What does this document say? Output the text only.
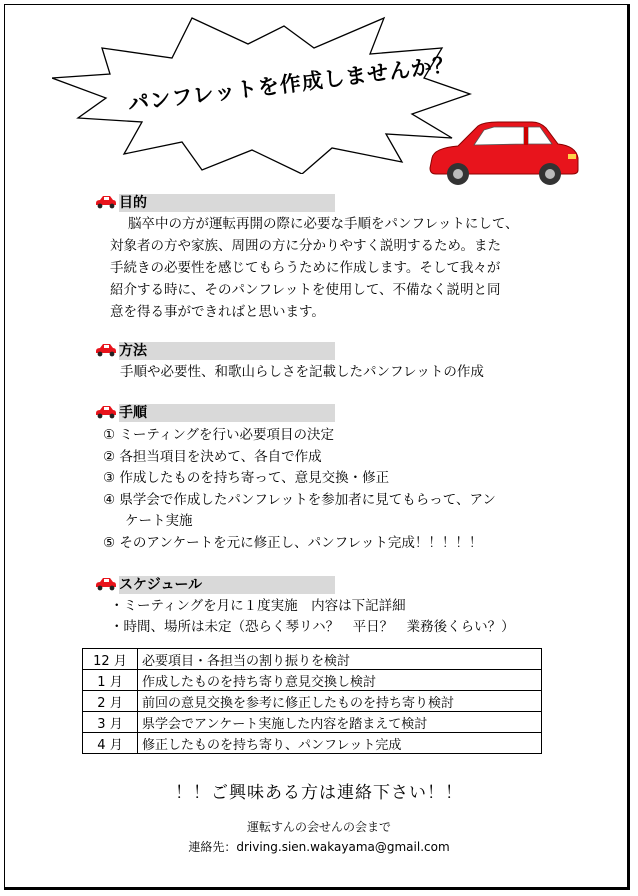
パンフレットを作成しませんか？
目的
脳卒中の方が運転再開の際に必要な手順をパンフレットにして、
対象者の方や家族、周囲の方に分かりやすく説明するため。また
手続きの必要性を感じてもらうために作成します。そして我々が
紹介する時に、そのパンフレットを使用して、不備なく説明と同
意を得る事ができればと思います。
方法
手順や必要性、和歌山らしさを記載したパンフレットの作成
手順
① ミーティングを行い必要項目の決定
② 各担当項目を決めて、各自で作成
③ 作成したものを持ち寄って、意見交換・修正
④ 県学会で作成したパンフレットを参加者に見てもらって、アン
ケート実施
⑤ そのアンケートを元に修正し、パンフレット完成！！！！！
スケジュール
・ミーティングを月に１度実施　内容は下記詳細
・時間、場所は未定（恐らく琴リハ？　平日？　業務後くらい？）
12 月	必要項目・各担当の割り振りを検討
1 月	作成したものを持ち寄り意見交換し検討
2 月	前回の意見交換を参考に修正したものを持ち寄り検討
3 月	県学会でアンケート実施した内容を踏まえて検討
4 月	修正したものを持ち寄り、パンフレット完成
！！ご興味ある方は連絡下さい！！
運転すんの会せんの会まで
連絡先：driving.sien.wakayama@gmail.com
